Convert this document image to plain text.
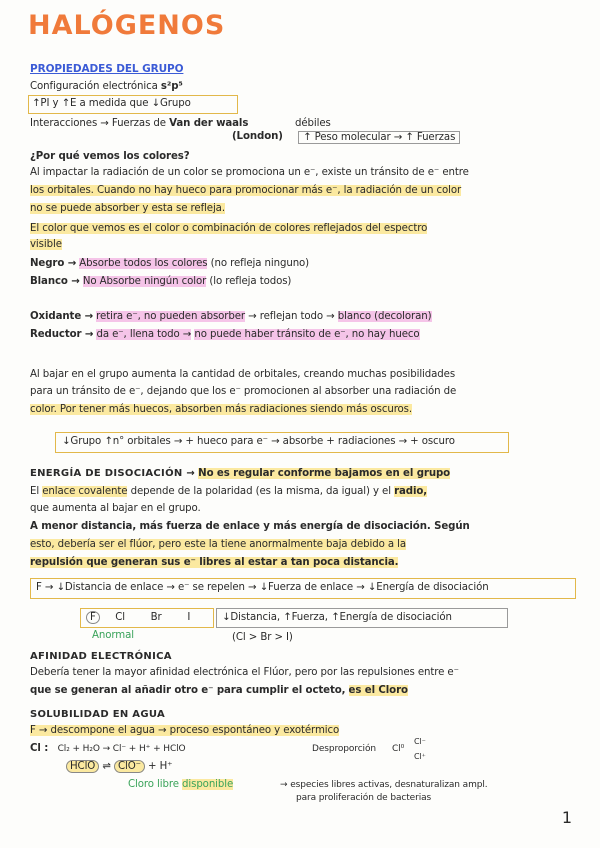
HALÓGENOS
PROPIEDADES DEL GRUPO
Configuración electrónica s²p⁵
↑PI y ↑E a medida que ↓Grupo
Interacciones → Fuerzas de Van der waals
(London)
débiles
↑ Peso molecular → ↑ Fuerzas
¿Por qué vemos los colores?
Al impactar la radiación de un color se promociona un e⁻, existe un tránsito de e⁻ entre
los orbitales. Cuando no hay hueco para promocionar más e⁻, la radiación de un color
no se puede absorber y esta se refleja.
El color que vemos es el color o combinación de colores reflejados del espectro
visible
Negro → Absorbe todos los colores (no refleja ninguno)
Blanco → No Absorbe ningún color (lo refleja todos)
Oxidante → retira e⁻, no pueden absorber → reflejan todo → blanco (decoloran)
Reductor → da e⁻, llena todo → no puede haber tránsito de e⁻, no hay hueco
Al bajar en el grupo aumenta la cantidad de orbitales, creando muchas posibilidades
para un tránsito de e⁻, dejando que los e⁻ promocionen al absorber una radiación de
color. Por tener más huecos, absorben más radiaciones siendo más oscuros.
↓Grupo ↑n° orbitales → + hueco para e⁻ → absorbe + radiaciones → + oscuro
ENERGÍA DE DISOCIACIÓN → No es regular conforme bajamos en el grupo
El enlace covalente depende de la polaridad (es la misma, da igual) y el radio,
que aumenta al bajar en el grupo.
A menor distancia, más fuerza de enlace y más energía de disociación. Según
esto, debería ser el flúor, pero este la tiene anormalmente baja debido a la
repulsión que generan sus e⁻ libres al estar a tan poca distancia.
F → ↓Distancia de enlace → e⁻ se repelen → ↓Fuerza de enlace → ↓Energía de disociación
F Cl	Br	I
Anormal
↓Distancia, ↑Fuerza, ↑Energía de disociación
(Cl > Br > I)
AFINIDAD ELECTRÓNICA
Debería tener la mayor afinidad electrónica el Flúor, pero por las repulsiones entre e⁻
que se generan al añadir otro e⁻ para cumplir el octeto, es el Cloro
SOLUBILIDAD EN AGUA
F → descompone el agua → proceso espontáneo y exotérmico
Cl : Cl₂ + H₂O → Cl⁻ + H⁺ + HClO	Desproporción Cl⁰
Cl⁻
Cl⁺
HClO ⇌ ClO⁻ + H⁺
Cloro libre disponible	→ especies libres activas, desnaturalizan ampl.
para proliferación de bacterias
1
